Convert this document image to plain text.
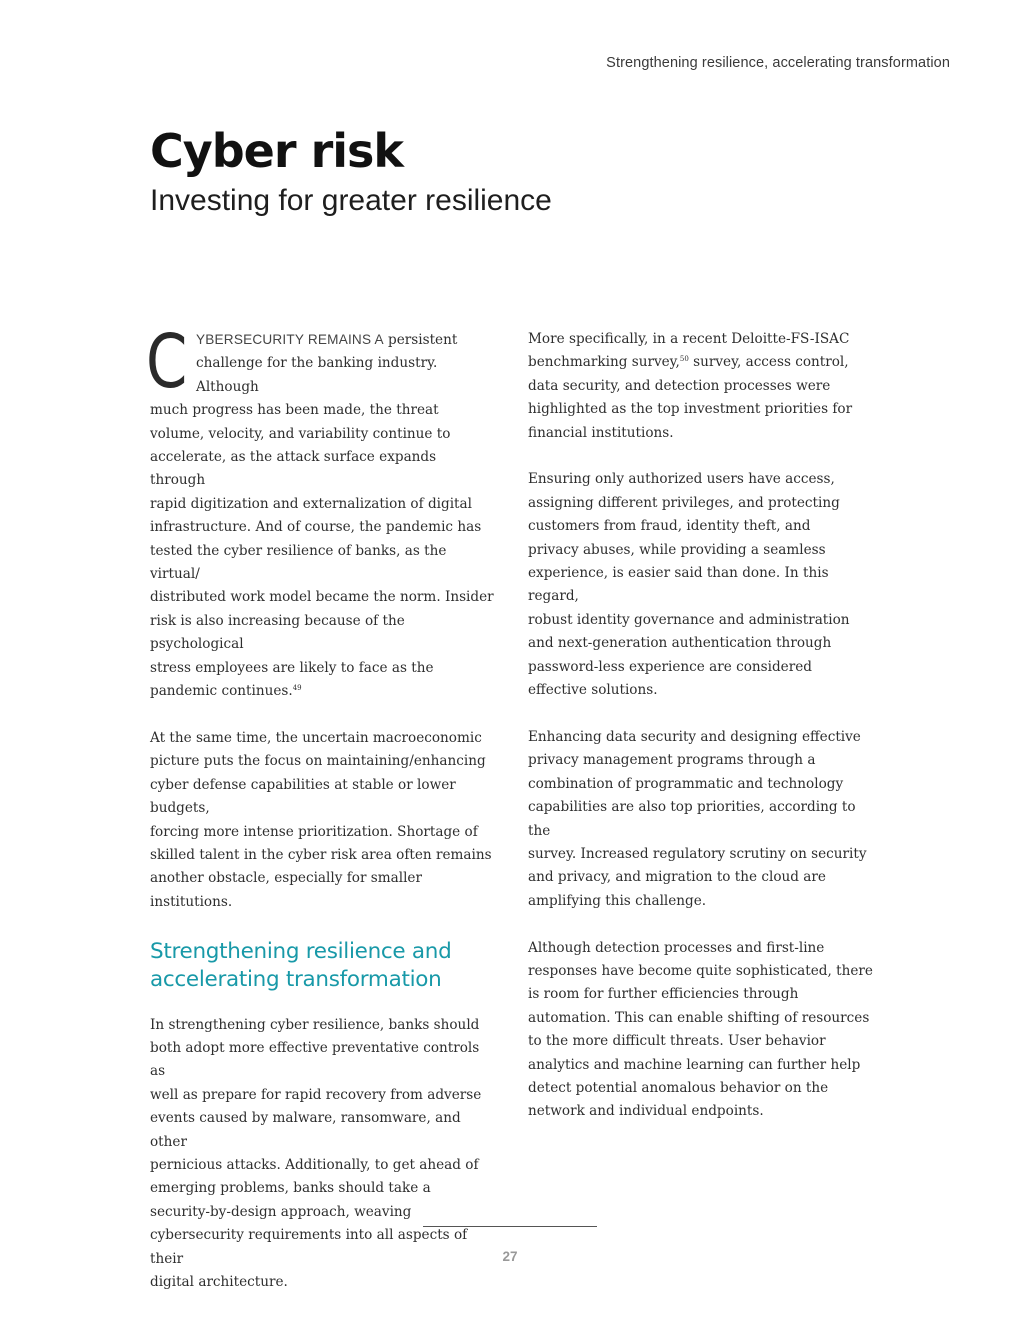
Strengthening resilience, accelerating transformation
Cyber risk
Investing for greater resilience

C YBERSECURITY REMAINS A persistent
challenge for the banking industry. Although
much progress has been made, the threat
volume, velocity, and variability continue to
accelerate, as the attack surface expands through
rapid digitization and externalization of digital
infrastructure. And of course, the pandemic has
tested the cyber resilience of banks, as the virtual/
distributed work model became the norm. Insider
risk is also increasing because of the psychological
stress employees are likely to face as the
pandemic continues.$^{49}$

At the same time, the uncertain macroeconomic
picture puts the focus on maintaining/enhancing
cyber defense capabilities at stable or lower budgets,
forcing more intense prioritization. Shortage of
skilled talent in the cyber risk area often remains
another obstacle, especially for smaller institutions.

Strengthening resilience and
accelerating transformation

In strengthening cyber resilience, banks should
both adopt more effective preventative controls as
well as prepare for rapid recovery from adverse
events caused by malware, ransomware, and other
pernicious attacks. Additionally, to get ahead of
emerging problems, banks should take a
security-by-design approach, weaving
cybersecurity requirements into all aspects of their
digital architecture.

More specifically, in a recent Deloitte-FS-ISAC
benchmarking survey,$^{50}$ survey, access control,
data security, and detection processes were
highlighted as the top investment priorities for
financial institutions.

Ensuring only authorized users have access,
assigning different privileges, and protecting
customers from fraud, identity theft, and
privacy abuses, while providing a seamless
experience, is easier said than done. In this regard,
robust identity governance and administration
and next-generation authentication through
password-less experience are considered
effective solutions.

Enhancing data security and designing effective
privacy management programs through a
combination of programmatic and technology
capabilities are also top priorities, according to the
survey. Increased regulatory scrutiny on security
and privacy, and migration to the cloud are
amplifying this challenge.

Although detection processes and first-line
responses have become quite sophisticated, there
is room for further efficiencies through
automation. This can enable shifting of resources
to the more difficult threats. User behavior
analytics and machine learning can further help
detect potential anomalous behavior on the
network and individual endpoints.

27
